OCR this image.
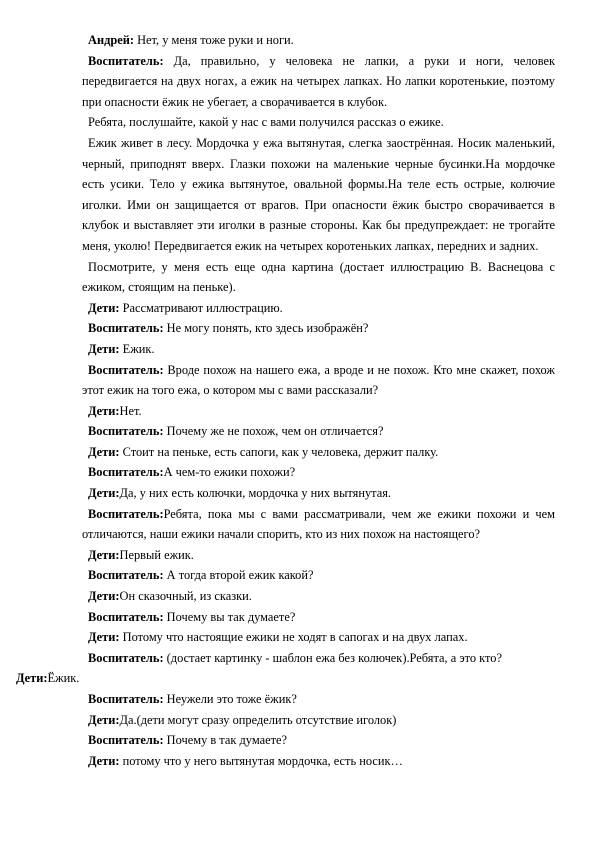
Андрей: Нет, у меня тоже руки и ноги.

Воспитатель: Да, правильно, у человека не лапки, а руки и ноги, человек передвигается на двух ногах, а ежик на четырех лапках. Но лапки коротенькие, поэтому при опасности ёжик не убегает, а сворачивается в клубок.

Ребята, послушайте, какой у нас с вами получился рассказ о ежике.

Ежик живет в лесу. Мордочка у ежа вытянутая, слегка заострённая. Носик маленький, черный, приподнят вверх. Глазки похожи на маленькие черные бусинки.На мордочке есть усики. Тело у ежика вытянутое, овальной формы.На теле есть острые, колючие иголки. Ими он защищается от врагов. При опасности ёжик быстро сворачивается в клубок и выставляет эти иголки в разные стороны. Как бы предупреждает: не трогайте меня, уколю! Передвигается ежик на четырех коротеньких лапках, передних и задних.

Посмотрите, у меня есть еще одна картина (достает иллюстрацию В. Васнецова с ежиком, стоящим на пеньке).

Дети: Рассматривают иллюстрацию.

Воспитатель: Не могу понять, кто здесь изображён?

Дети: Ежик.

Воспитатель: Вроде похож на нашего ежа, а вроде и не похож. Кто мне скажет, похож этот ежик на того ежа, о котором мы с вами рассказали?

Дети:Нет.

Воспитатель: Почему же не похож, чем он отличается?

Дети: Стоит на пеньке, есть сапоги, как у человека, держит палку.

Воспитатель:А чем-то ежики похожи?

Дети:Да, у них есть колючки, мордочка у них вытянутая.

Воспитатель:Ребята, пока мы с вами рассматривали, чем же ежики похожи и чем отличаются, наши ежики начали спорить, кто из них похож на настоящего?

Дети:Первый ежик.

Воспитатель: А тогда второй ежик какой?

Дети:Он сказочный, из сказки.

Воспитатель: Почему вы так думаете?

Дети: Потому что настоящие ежики не ходят в сапогах и на двух лапах.

Воспитатель: (достает картинку - шаблон ежа без колючек).Ребята, а это кто?

Дети:Ёжик.

Воспитатель: Неужели это тоже ёжик?

Дети:Да.(дети могут сразу определить отсутствие иголок)

Воспитатель: Почему в так думаете?

Дети: потому что у него вытянутая мордочка, есть носик…
